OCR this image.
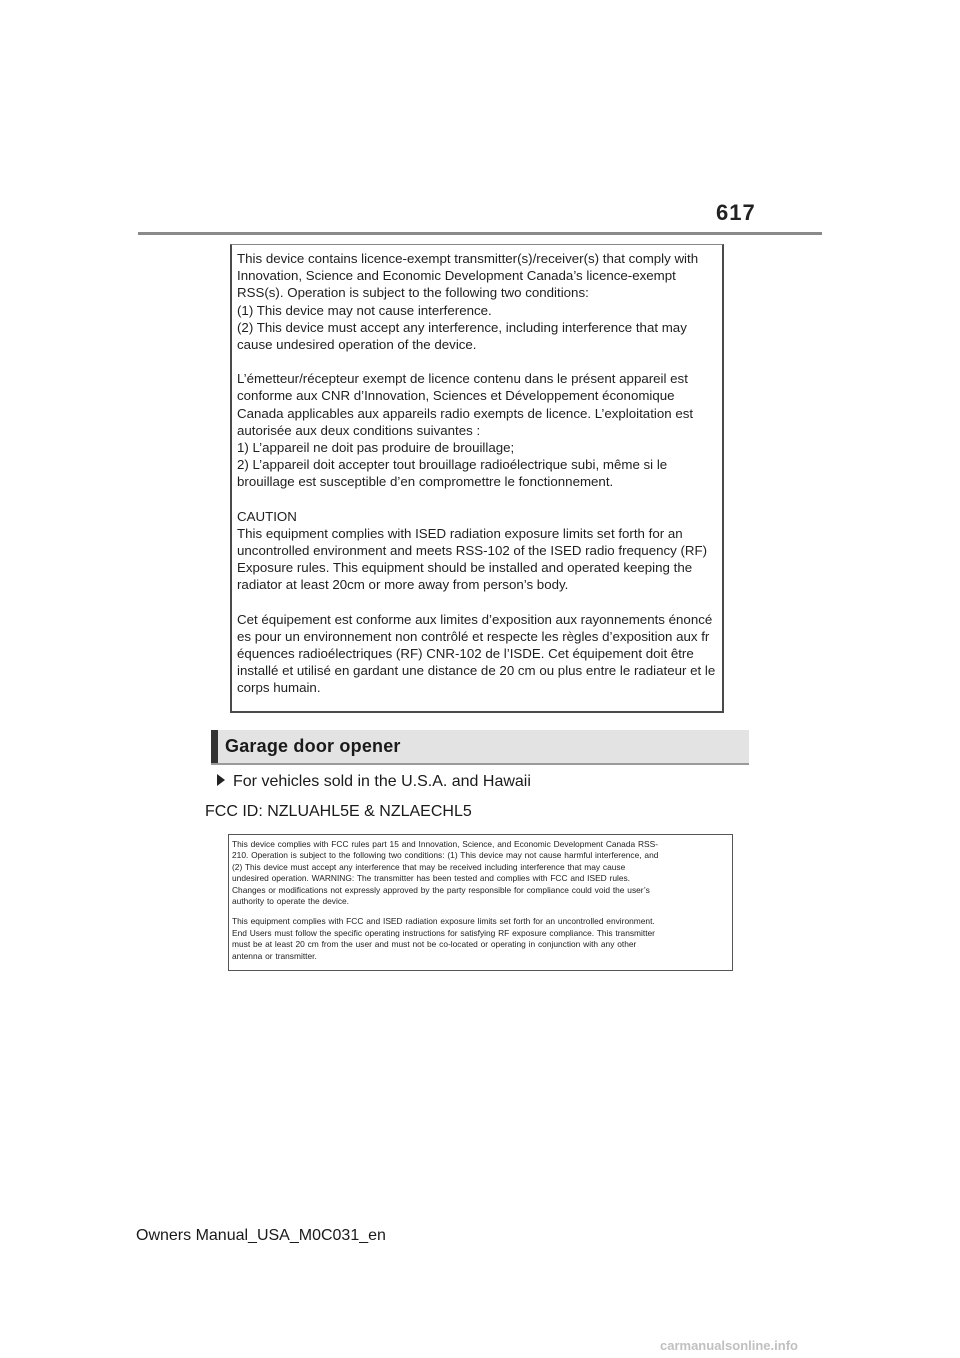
617

This device contains licence-exempt transmitter(s)/receiver(s) that comply with
Innovation, Science and Economic Development Canada’s licence-exempt
RSS(s). Operation is subject to the following two conditions:
(1) This device may not cause interference.
(2) This device must accept any interference, including interference that may
cause undesired operation of the device.

L’émetteur/récepteur exempt de licence contenu dans le présent appareil est
conforme aux CNR d’Innovation, Sciences et Développement économique
Canada applicables aux appareils radio exempts de licence. L’exploitation est
autorisée aux deux conditions suivantes :
1) L’appareil ne doit pas produire de brouillage;
2) L’appareil doit accepter tout brouillage radioélectrique subi, même si le
brouillage est susceptible d’en compromettre le fonctionnement.

CAUTION
This equipment complies with ISED radiation exposure limits set forth for an
uncontrolled environment and meets RSS-102 of the ISED radio frequency (RF)
Exposure rules. This equipment should be installed and operated keeping the
radiator at least 20cm or more away from person’s body.

Cet équipement est conforme aux limites d’exposition aux rayonnements énoncé
es pour un environnement non contrôlé et respecte les règles d’exposition aux fr
équences radioélectriques (RF) CNR-102 de l’ISDE. Cet équipement doit être
installé et utilisé en gardant une distance de 20 cm ou plus entre le radiateur et le
corps humain.

Garage door opener
For vehicles sold in the U.S.A. and Hawaii
FCC ID: NZLUAHL5E & NZLAECHL5

This device complies with FCC rules part 15 and Innovation, Science, and Economic Development Canada RSS-
210. Operation is subject to the following two conditions: (1) This device may not cause harmful interference, and
(2) This device must accept any interference that may be received including interference that may cause
undesired operation. WARNING: The transmitter has been tested and complies with FCC and ISED rules.
Changes or modifications not expressly approved by the party responsible for compliance could void the user’s
authority to operate the device.

This equipment complies with FCC and ISED radiation exposure limits set forth for an uncontrolled environment.
End Users must follow the specific operating instructions for satisfying RF exposure compliance. This transmitter
must be at least 20 cm from the user and must not be co-located or operating in conjunction with any other
antenna or transmitter.

Owners Manual_USA_M0C031_en
carmanualsonline.info
